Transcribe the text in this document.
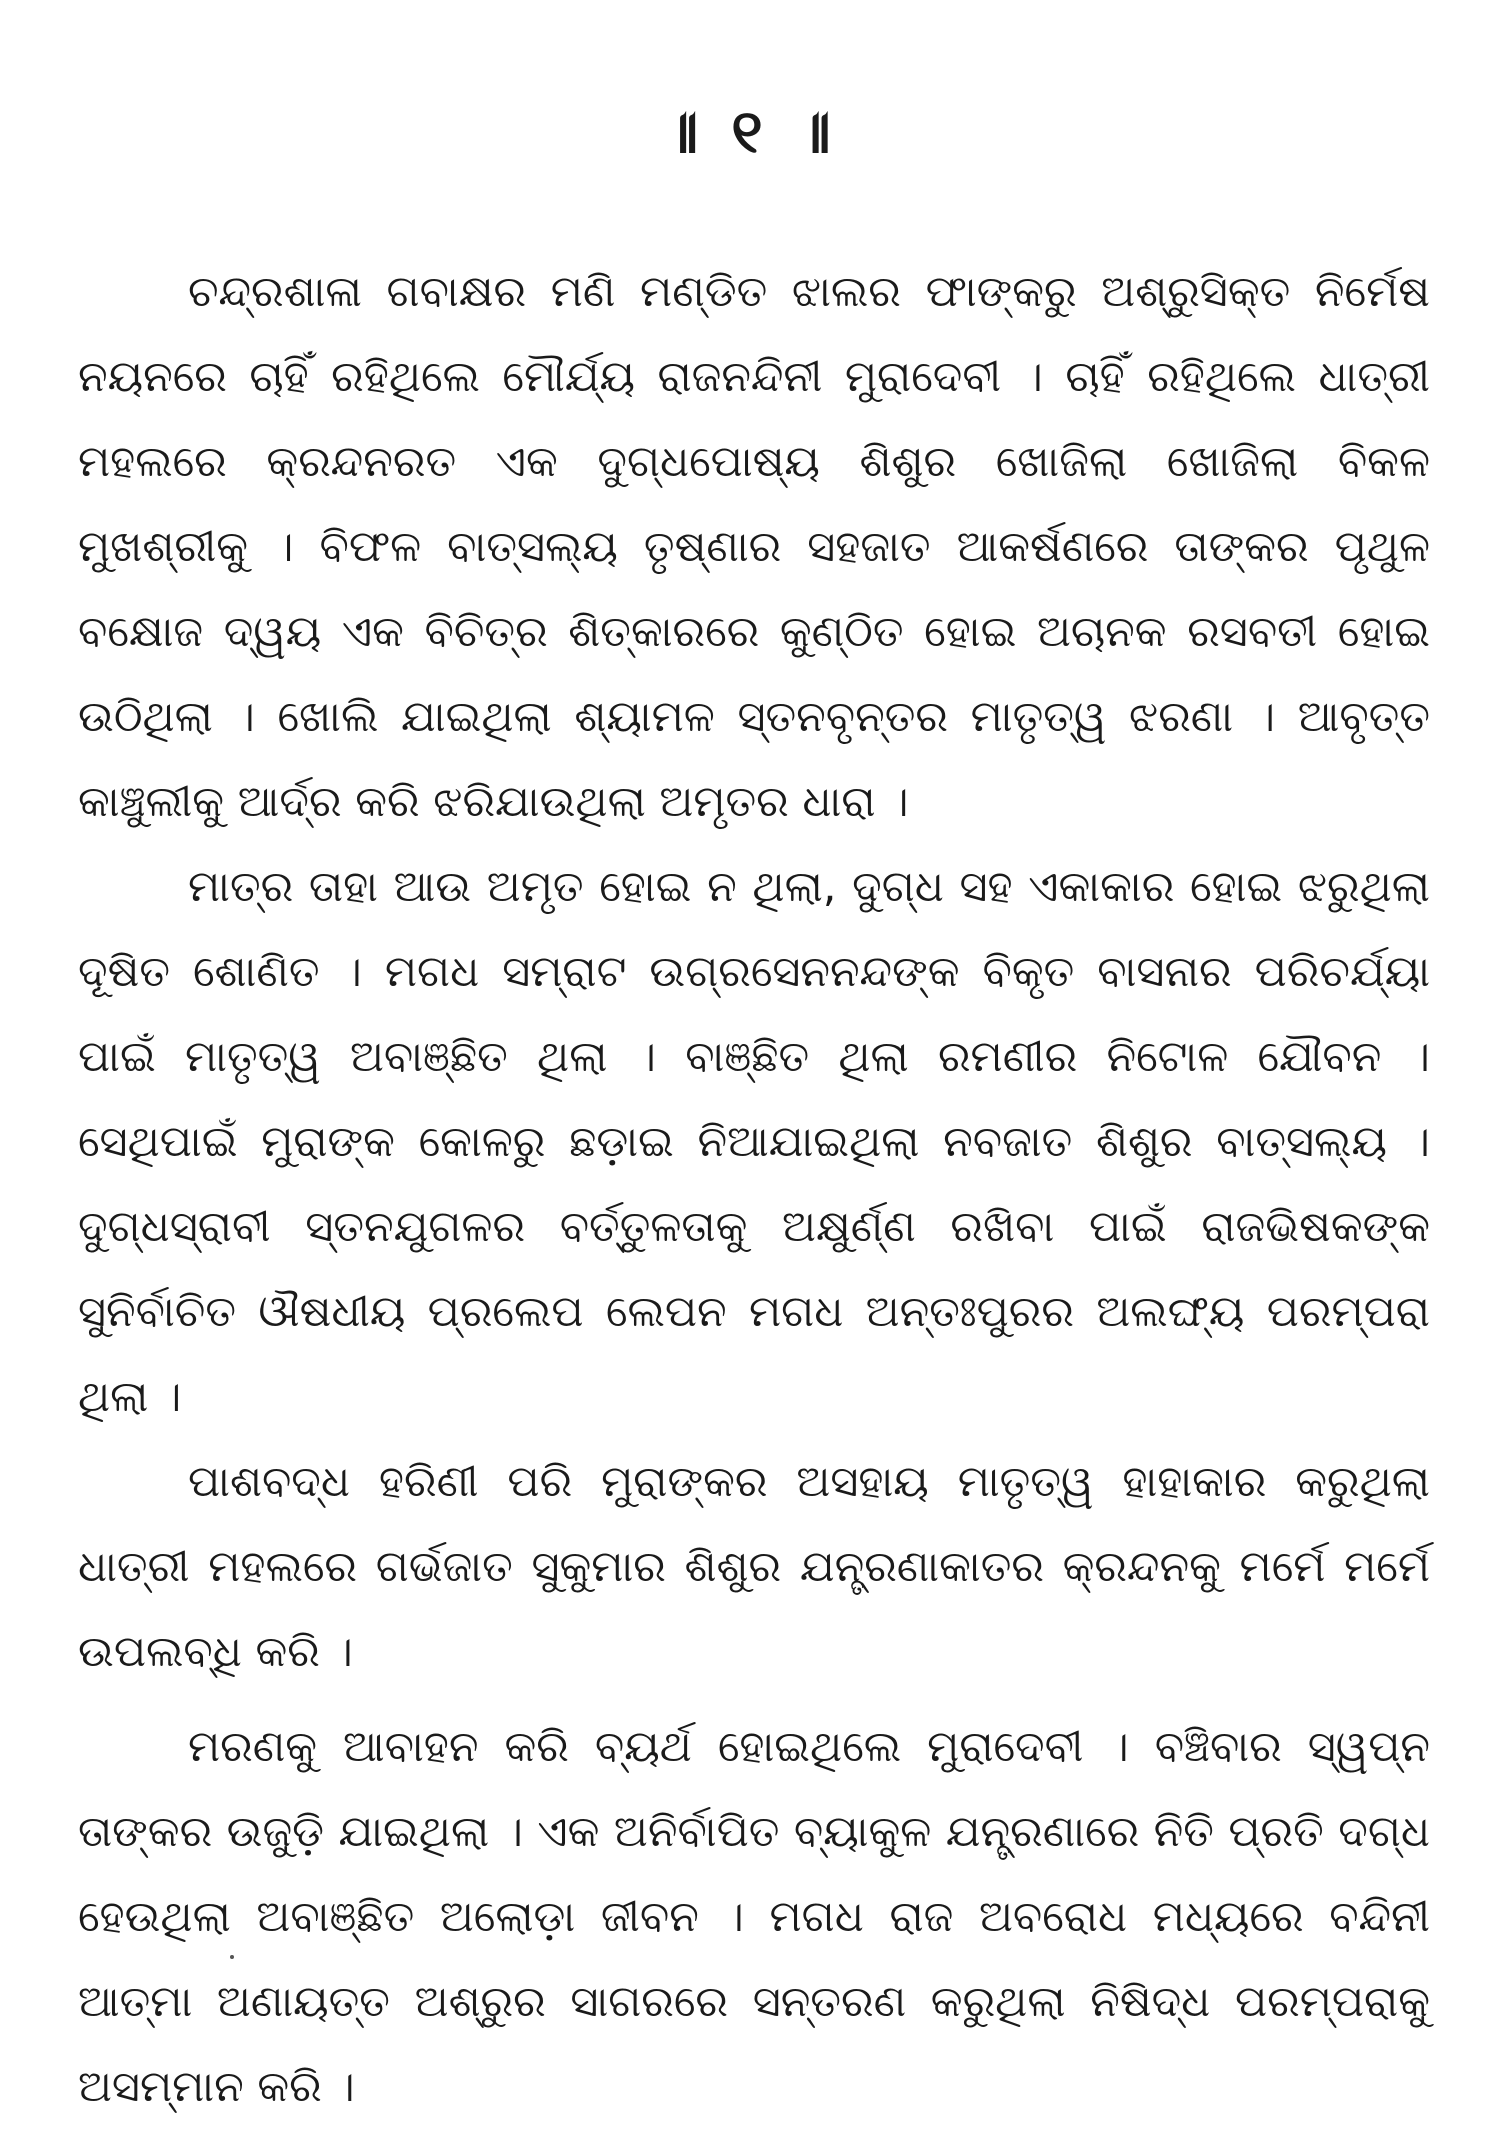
॥ ୧ ॥

ଚନ୍ଦ୍ରଶାଳା ଗବାକ୍ଷର ମଣି ମଣ୍ଡିତ ଝାଲର ଫାଙ୍କରୁ ଅଶ୍ରୁସିକ୍ତ ନିର୍ମେଷ ନୟନରେ ଚାହିଁ ରହିଥିଲେ ମୌର୍ଯ୍ୟ ରାଜନନ୍ଦିନୀ ମୁରାଦେବୀ । ଚାହିଁ ରହିଥିଲେ ଧାତ୍ରୀ ମହଲରେ କ୍ରନ୍ଦନରତ ଏକ ଦୁଗ୍ଧପୋଷ୍ୟ ଶିଶୁର ଖୋଜିଲା ଖୋଜିଲା ବିକଳ ମୁଖଶ୍ରୀକୁ । ବିଫଳ ବାତ୍ସଲ୍ୟ ତୃଷ୍ଣାର ସହଜାତ ଆକର୍ଷଣରେ ତାଙ୍କର ପୃଥୁଳ ବକ୍ଷୋଜ ଦ୍ୱୟ ଏକ ବିଚିତ୍ର ଶିତ୍କାରରେ କୁଣ୍ଠିତ ହୋଇ ଅଚାନକ ରସବତୀ ହୋଇ ଉଠିଥିଲା । ଖୋଲି ଯାଇଥିଲା ଶ୍ୟାମଳ ସ୍ତନବୃନ୍ତର ମାତୃତ୍ୱ ଝରଣା । ଆବୃତ୍ତ କାଞ୍ଚୁଲୀକୁ ଆର୍ଦ୍ର କରି ଝରିଯାଉଥିଲା ଅମୃତର ଧାରା ।

ମାତ୍ର ତାହା ଆଉ ଅମୃତ ହୋଇ ନ ଥିଲା, ଦୁଗ୍ଧ ସହ ଏକାକାର ହୋଇ ଝରୁଥିଲା ଦୂଷିତ ଶୋଣିତ । ମଗଧ ସମ୍ରାଟ ଉଗ୍ରସେନନନ୍ଦଙ୍କ ବିକୃତ ବାସନାର ପରିଚର୍ଯ୍ୟା ପାଇଁ ମାତୃତ୍ୱ ଅବାଞ୍ଛିତ ଥିଲା । ବାଞ୍ଛିତ ଥିଲା ରମଣୀର ନିଟୋଳ ଯୌବନ । ସେଥିପାଇଁ ମୁରାଙ୍କ କୋଳରୁ ଛଡ଼ାଇ ନିଆଯାଇଥିଲା ନବଜାତ ଶିଶୁର ବାତ୍ସଲ୍ୟ । ଦୁଗ୍ଧସ୍ରାବୀ ସ୍ତନଯୁଗଳର ବର୍ତ୍ତୁଳତାକୁ ଅକ୍ଷୁର୍ଣ୍ଣ ରଖିବା ପାଇଁ ରାଜଭିଷକଙ୍କ ସୁନିର୍ବାଚିତ ଔଷଧୀୟ ପ୍ରଲେପ ଲେପନ ମଗଧ ଅନ୍ତଃପୁରର ଅଲଙ୍ଘ୍ୟ ପରମ୍ପରା ଥିଲା ।

ପାଶବଦ୍ଧ ହରିଣୀ ପରି ମୁରାଙ୍କର ଅସହାୟ ମାତୃତ୍ୱ ହାହାକାର କରୁଥିଲା ଧାତ୍ରୀ ମହଲରେ ଗର୍ଭଜାତ ସୁକୁମାର ଶିଶୁର ଯନ୍ତ୍ରଣାକାତର କ୍ରନ୍ଦନକୁ ମର୍ମେ ମର୍ମେ ଉପଲବ୍ଧି କରି ।

ମରଣକୁ ଆବାହନ କରି ବ୍ୟର୍ଥ ହୋଇଥିଲେ ମୁରାଦେବୀ । ବଞ୍ଚିବାର ସ୍ୱପ୍ନ ତାଙ୍କର ଉଜୁଡ଼ି ଯାଇଥିଲା । ଏକ ଅନିର୍ବାପିତ ବ୍ୟାକୁଳ ଯନ୍ତ୍ରଣାରେ ନିତି ପ୍ରତି ଦଗ୍ଧ ହେଉଥିଲା ଅବାଞ୍ଛିତ ଅଲୋଡ଼ା ଜୀବନ । ମଗଧ ରାଜ ଅବରୋଧ ମଧ୍ୟରେ ବନ୍ଦିନୀ ଆତ୍ମା ଅଣାୟତ୍ତ ଅଶ୍ରୁର ସାଗରରେ ସନ୍ତରଣ କରୁଥିଲା ନିଷିଦ୍ଧ ପରମ୍ପରାକୁ ଅସମ୍ମାନ କରି ।
